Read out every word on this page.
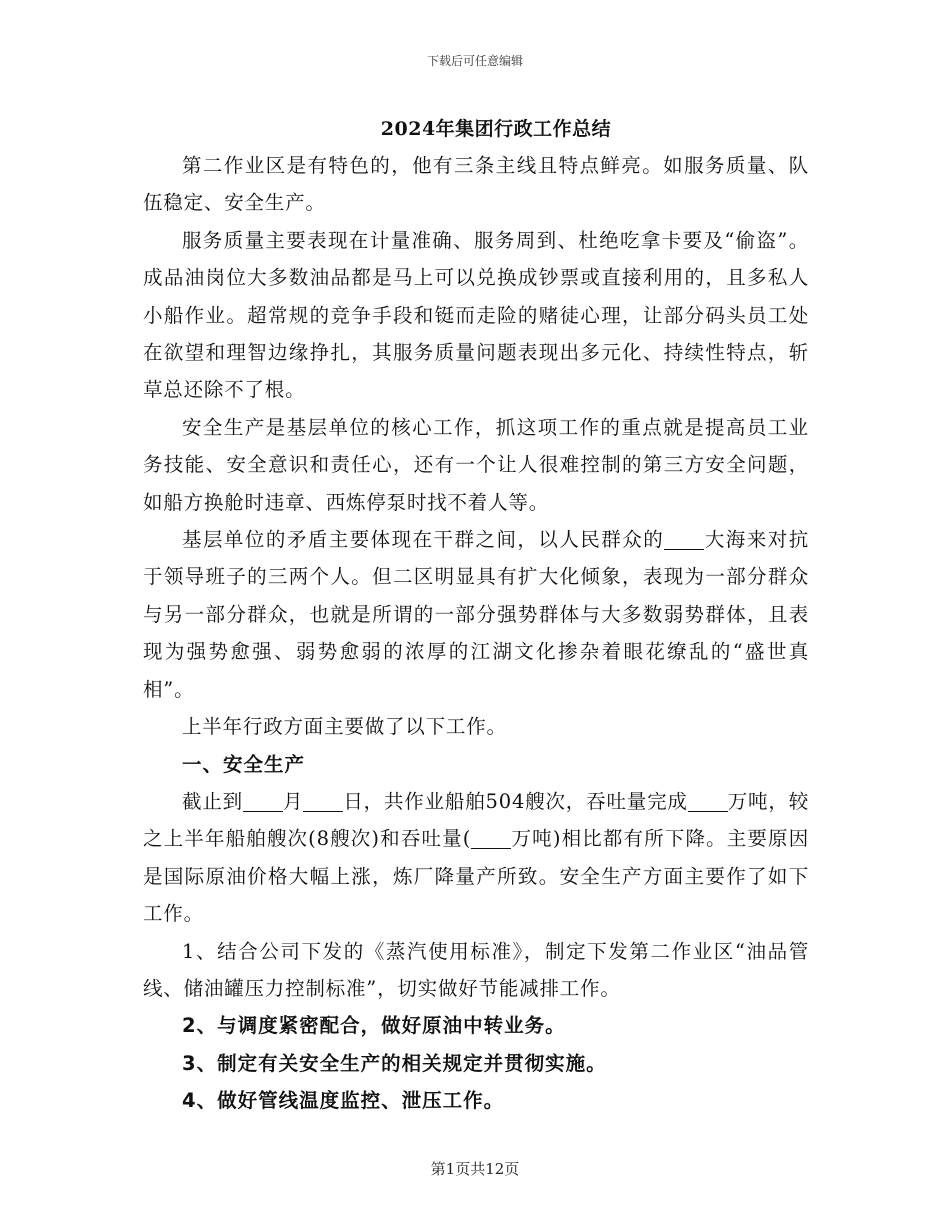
下载后可任意编辑
2024年集团行政工作总结

第二作业区是有特色的，他有三条主线且特点鲜亮。如服务质量、队伍稳定、安全生产。

服务质量主要表现在计量准确、服务周到、杜绝吃拿卡要及“偷盗”。成品油岗位大多数油品都是马上可以兑换成钞票或直接利用的，且多私人小船作业。超常规的竞争手段和铤而走险的赌徒心理，让部分码头员工处在欲望和理智边缘挣扎，其服务质量问题表现出多元化、持续性特点，斩草总还除不了根。

安全生产是基层单位的核心工作，抓这项工作的重点就是提高员工业务技能、安全意识和责任心，还有一个让人很难控制的第三方安全问题，如船方换舱时违章、西炼停泵时找不着人等。

基层单位的矛盾主要体现在干群之间，以人民群众的 大海来对抗于领导班子的三两个人。但二区明显具有扩大化倾象，表现为一部分群众与另一部分群众，也就是所谓的一部分强势群体与大多数弱势群体，且表现为强势愈强、弱势愈弱的浓厚的江湖文化掺杂着眼花缭乱的“盛世真相”。

上半年行政方面主要做了以下工作。

一、安全生产

截止到 月 日，共作业船舶504艘次，吞吐量完成 万吨，较之上半年船舶艘次(8艘次)和吞吐量( 万吨)相比都有所下降。主要原因是国际原油价格大幅上涨，炼厂降量产所致。安全生产方面主要作了如下工作。

1、结合公司下发的《蒸汽使用标准》，制定下发第二作业区“油品管线、储油罐压力控制标准”，切实做好节能减排工作。

2、与调度紧密配合，做好原油中转业务。

3、制定有关安全生产的相关规定并贯彻实施。

4、做好管线温度监控、泄压工作。

第1页共12页
